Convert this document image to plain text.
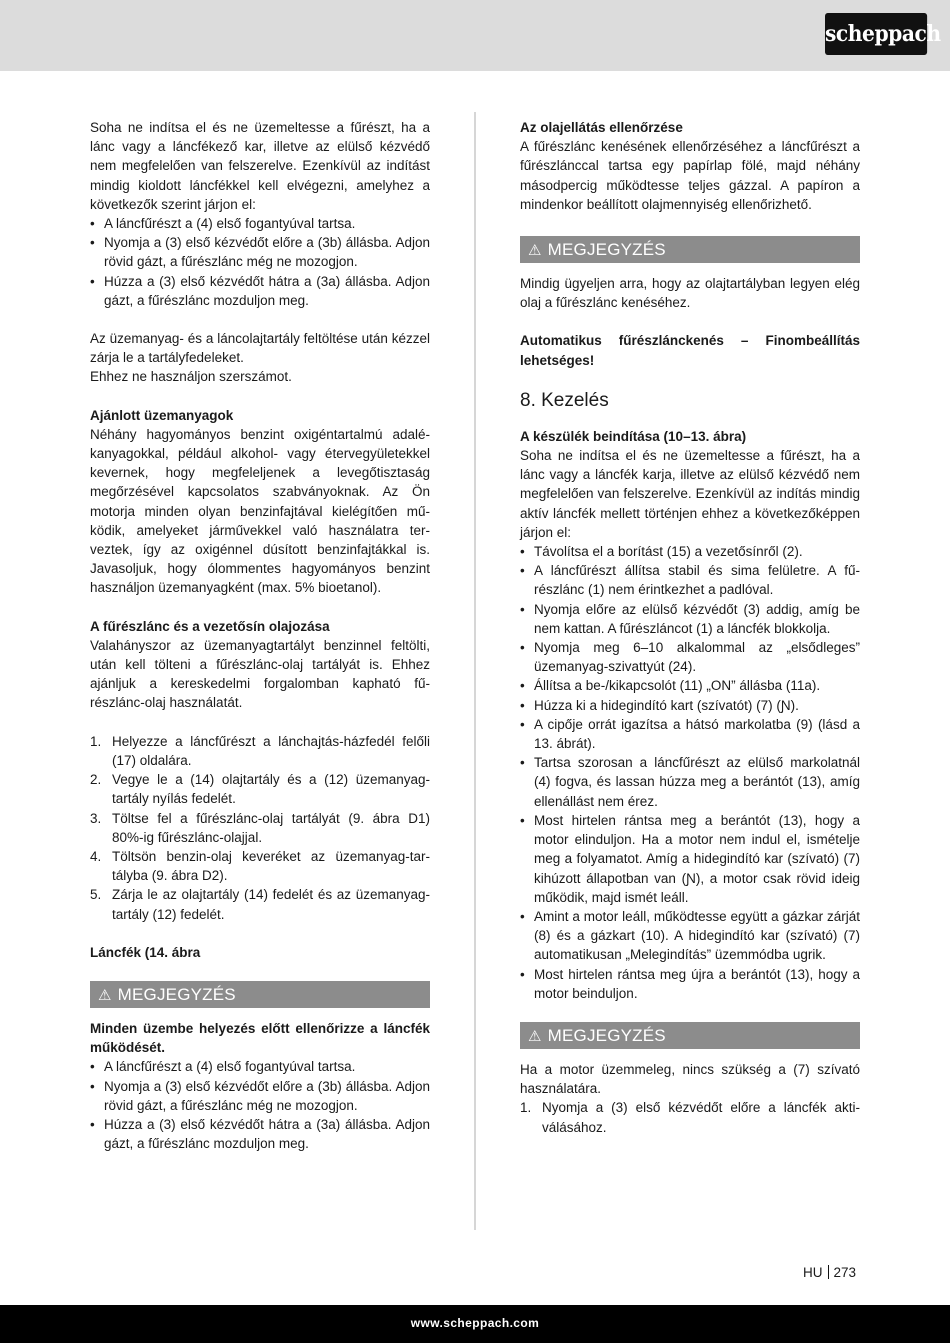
scheppach

Soha ne indítsa el és ne üzemeltesse a fűrészt, ha a lánc vagy a láncfékező kar, illetve az elülső kézvédő nem megfelelően van felszerelve. Ezenkívül az indítást mindig kioldott láncfékkel kell elvégezni, amelyhez a következők szerint járjon el:

• A láncfűrészt a (4) első fogantyúval tartsa.
• Nyomja a (3) első kézvédőt előre a (3b) állásba. Adjon rövid gázt, a fűrészlánc még ne mozogjon.
• Húzza a (3) első kézvédőt hátra a (3a) állásba. Adjon gázt, a fűrészlánc mozduljon meg.

Az üzemanyag- és a láncolajtartály feltöltése után kézzel zárja le a tartályfedeleket.

Ehhez ne használjon szerszámot.

Ajánlott üzemanyagok

Néhány hagyományos benzint oxigéntartalmú adalékanyagokkal, például alkohol- vagy étervegyületekkel kevernek, hogy megfeleljenek a levegőtisztaság megőrzésével kapcsolatos szabványoknak. Az Ön motorja minden olyan benzinfajtával kielégítően működik, amelyeket járművekkel való használatra terveztek, így az oxigénnel dúsított benzinfajtákkal is. Javasoljuk, hogy ólommentes hagyományos benzint használjon üzemanyagként (max. 5% bioetanol).

A fűrészlánc és a vezetősín olajozása

Valahányszor az üzemanyagtartályt benzinnel feltölti, után kell tölteni a fűrészlánc-olaj tartályát is. Ehhez ajánljuk a kereskedelmi forgalomban kapható fűrészlánc-olaj használatát.

1. Helyezze a láncfűrészt a lánchajtás-házfedél felőli (17) oldalára.
2. Vegye le a (14) olajtartály és a (12) üzemanyag-tartály nyílás fedelét.
3. Töltse fel a fűrészlánc-olaj tartályát (9. ábra D1) 80%-ig fűrészlánc-olajjal.
4. Töltsön benzin-olaj keveréket az üzemanyag-tartályba (9. ábra D2).
5. Zárja le az olajtartály (14) fedelét és az üzemanyag-tartály (12) fedelét.

Láncfék (14. ábra

⚠ MEGJEGYZÉS

Minden üzembe helyezés előtt ellenőrizze a láncfék működését.

• A láncfűrészt a (4) első fogantyúval tartsa.
• Nyomja a (3) első kézvédőt előre a (3b) állásba. Adjon rövid gázt, a fűrészlánc még ne mozogjon.
• Húzza a (3) első kézvédőt hátra a (3a) állásba. Adjon gázt, a fűrészlánc mozduljon meg.

Az olajellátás ellenőrzése

A fűrészlánc kenésének ellenőrzéséhez a láncfűrészt a fűrészlánccal tartsa egy papírlap fölé, majd néhány másodpercig működtesse teljes gázzal. A papíron a mindenkor beállított olajmennyiség ellenőrizhető.

⚠ MEGJEGYZÉS

Mindig ügyeljen arra, hogy az olajtartályban legyen elég olaj a fűrészlánc kenéséhez.

Automatikus fűrészlánckenés – Finombeállítás lehetséges!

8. Kezelés

A készülék beindítása (10–13. ábra)

Soha ne indítsa el és ne üzemeltesse a fűrészt, ha a lánc vagy a láncfék karja, illetve az elülső kézvédő nem megfelelően van felszerelve. Ezenkívül az indítás mindig aktív láncfék mellett történjen ehhez a következőképpen járjon el:

• Távolítsa el a borítást (15) a vezetősínről (2).
• A láncfűrészt állítsa stabil és sima felületre. A fűrészlánc (1) nem érintkezhet a padlóval.
• Nyomja előre az elülső kézvédőt (3) addig, amíg be nem kattan. A fűrészláncot (1) a láncfék blokkolja.
• Nyomja meg 6–10 alkalommal az „elsődleges” üzemanyag-szivattyút (24).
• Állítsa a be-/kikapcsolót (11) „ON” állásba (11a).
• Húzza ki a hidegindító kart (szívatót) (7) (Ɲ).
• A cipője orrát igazítsa a hátsó markolatba (9) (lásd a 13. ábrát).
• Tartsa szorosan a láncfűrészt az elülső markolatnál (4) fogva, és lassan húzza meg a berántót (13), amíg ellenállást nem érez.
• Most hirtelen rántsa meg a berántót (13), hogy a motor elinduljon. Ha a motor nem indul el, ismételje meg a folyamatot. Amíg a hidegindító kar (szívató) (7) kihúzott állapotban van (Ɲ), a motor csak rövid ideig működik, majd ismét leáll.
• Amint a motor leáll, működtesse együtt a gázkar zárját (8) és a gázkart (10). A hidegindító kar (szívató) (7) automatikusan „Melegindítás” üzemmódba ugrik.
• Most hirtelen rántsa meg újra a berántót (13), hogy a motor beinduljon.
⚠ MEGJEGYZÉS

Ha a motor üzemmeleg, nincs szükség a (7) szívató használatára.

1. Nyomja a (3) első kézvédőt előre a láncfék aktiválásához.
HU 273
www.scheppach.com
